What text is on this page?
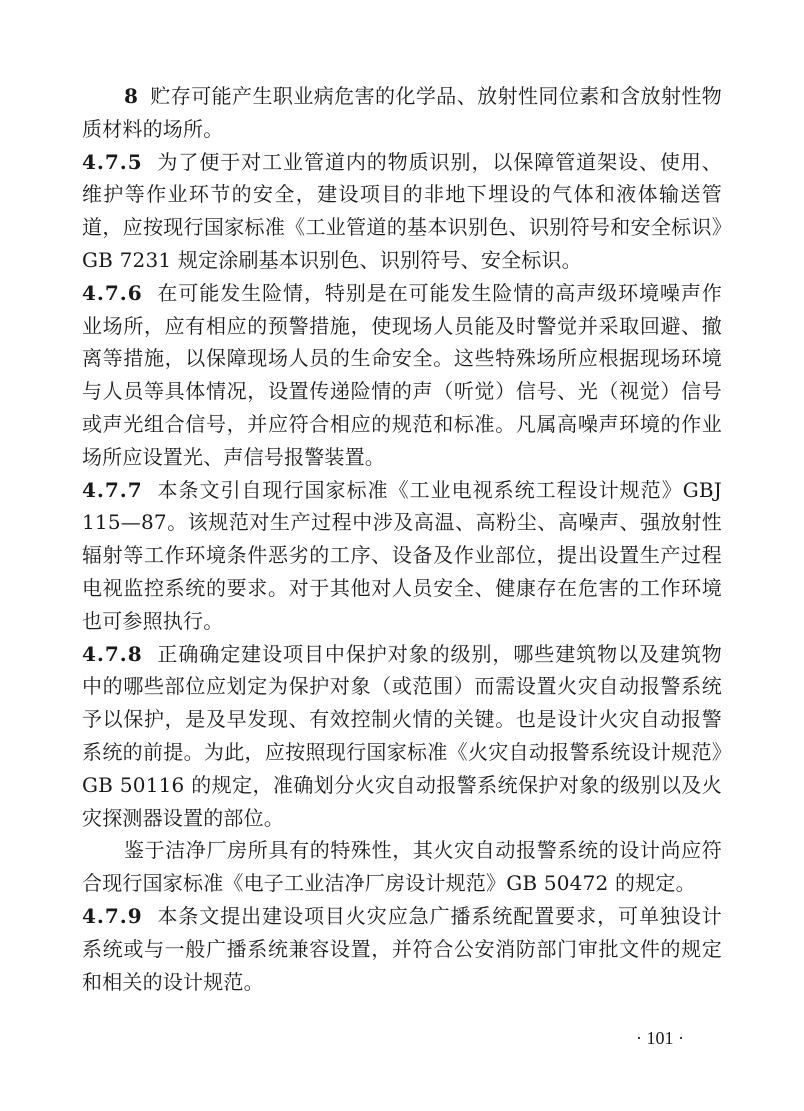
8 贮存可能产生职业病危害的化学品、放射性同位素和含放射性物质材料的场所。

4.7.5 为了便于对工业管道内的物质识别，以保障管道架设、使用、维护等作业环节的安全，建设项目的非地下埋设的气体和液体输送管道，应按现行国家标准《工业管道的基本识别色、识别符号和安全标识》GB 7231 规定涂刷基本识别色、识别符号、安全标识。

4.7.6 在可能发生险情，特别是在可能发生险情的高声级环境噪声作业场所，应有相应的预警措施，使现场人员能及时警觉并采取回避、撤离等措施，以保障现场人员的生命安全。这些特殊场所应根据现场环境与人员等具体情况，设置传递险情的声（听觉）信号、光（视觉）信号或声光组合信号，并应符合相应的规范和标准。凡属高噪声环境的作业场所应设置光、声信号报警装置。

4.7.7 本条文引自现行国家标准《工业电视系统工程设计规范》GBJ 115—87。该规范对生产过程中涉及高温、高粉尘、高噪声、强放射性辐射等工作环境条件恶劣的工序、设备及作业部位，提出设置生产过程电视监控系统的要求。对于其他对人员安全、健康存在危害的工作环境也可参照执行。

4.7.8 正确确定建设项目中保护对象的级别，哪些建筑物以及建筑物中的哪些部位应划定为保护对象（或范围）而需设置火灾自动报警系统予以保护，是及早发现、有效控制火情的关键。也是设计火灾自动报警系统的前提。为此，应按照现行国家标准《火灾自动报警系统设计规范》GB 50116 的规定，准确划分火灾自动报警系统保护对象的级别以及火灾探测器设置的部位。

鉴于洁净厂房所具有的特殊性，其火灾自动报警系统的设计尚应符合现行国家标准《电子工业洁净厂房设计规范》GB 50472 的规定。

4.7.9 本条文提出建设项目火灾应急广播系统配置要求，可单独设计系统或与一般广播系统兼容设置，并符合公安消防部门审批文件的规定和相关的设计规范。

· 101 ·
